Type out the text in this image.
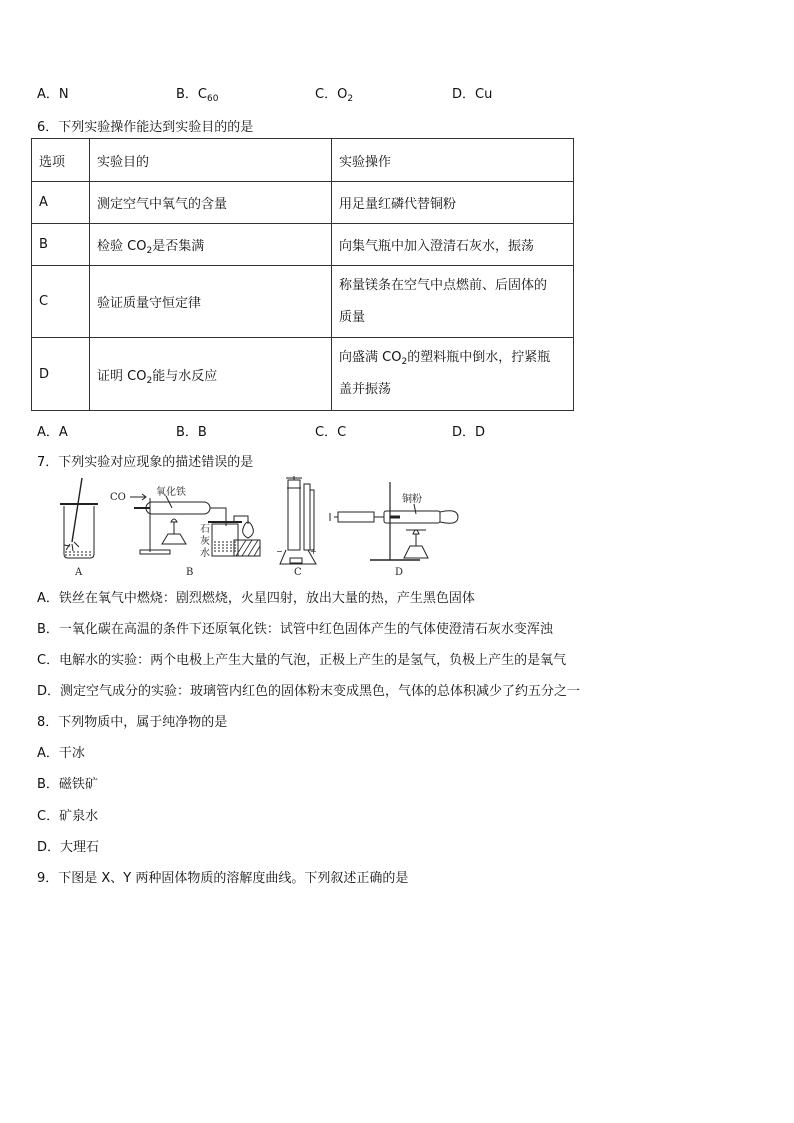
A．N	B．$C_{60}$	C．$O_2$	D．Cu
6．下列实验操作能达到实验目的的是
选项	实验目的	实验操作
A	测定空气中氧气的含量	用足量红磷代替铜粉
B	检验 $CO_2$是否集满	向集气瓶中加入澄清石灰水，振荡
C	验证质量守恒定律	称量镁条在空气中点燃前、后固体的
质量

D	证明 $CO_2$能与水反应	向盛满 $CO_2$的塑料瓶中倒水，拧紧瓶
盖并振荡
A．A	B．B	C．C	D．D
7．下列实验对应现象的描述错误的是
A
CO	氧化铁
石
灰
水
B
−	+
C
铜粉
D
A．铁丝在氧气中燃烧：剧烈燃烧，火星四射，放出大量的热，产生黑色固体
B．一氧化碳在高温的条件下还原氧化铁：试管中红色固体产生的气体使澄清石灰水变浑浊
C．电解水的实验：两个电极上产生大量的气泡，正极上产生的是氢气，负极上产生的是氧气
D．测定空气成分的实验：玻璃管内红色的固体粉末变成黑色，气体的总体积减少了约五分之一
8．下列物质中，属于纯净物的是
A．干冰
B．磁铁矿
C．矿泉水
D．大理石
9．下图是 X、Y 两种固体物质的溶解度曲线。下列叙述正确的是
